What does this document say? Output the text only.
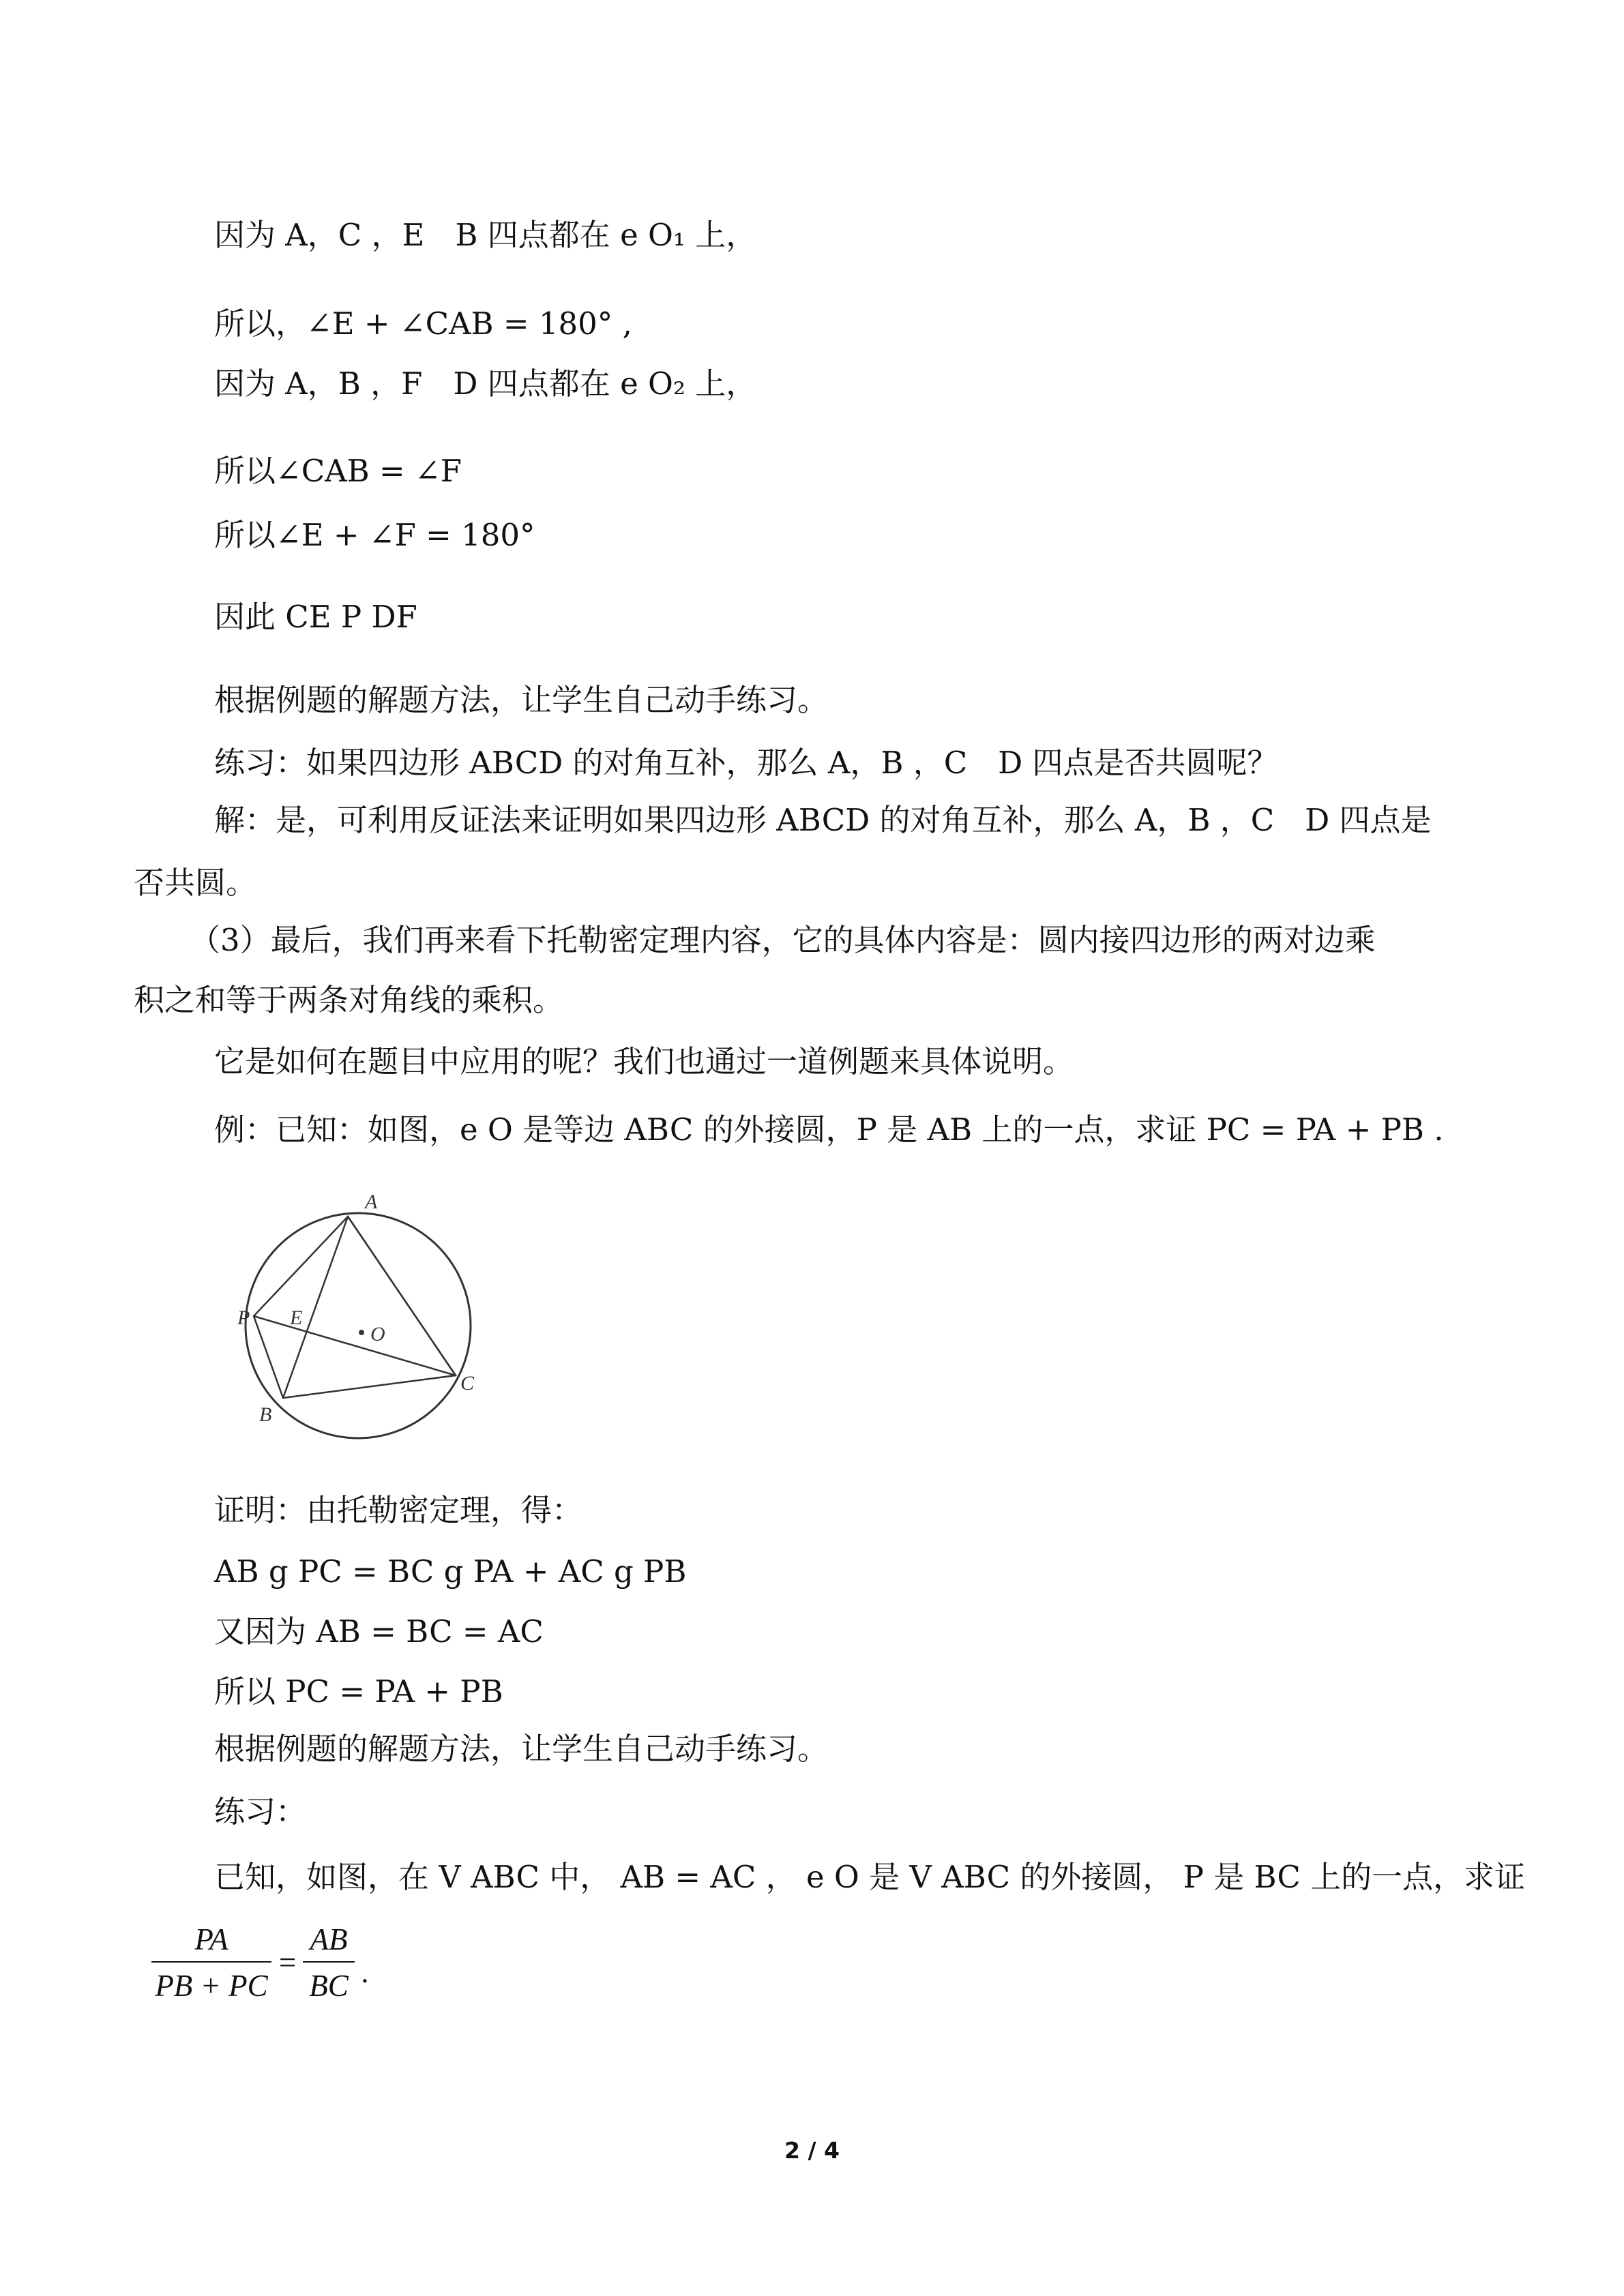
因为 A，C ，E　B 四点都在 e O₁ 上，
所以，∠E + ∠CAB = 180° ,
因为 A，B ，F　D 四点都在 e O₂ 上，
所以∠CAB = ∠F
所以∠E + ∠F = 180°
因此 CE P DF
根据例题的解题方法，让学生自己动手练习。
练习：如果四边形 ABCD 的对角互补，那么 A，B ，C　D 四点是否共圆呢？
解：是，可利用反证法来证明如果四边形 ABCD 的对角互补，那么 A，B ，C　D 四点是
否共圆。
（3）最后，我们再来看下托勒密定理内容，它的具体内容是：圆内接四边形的两对边乘
积之和等于两条对角线的乘积。
它是如何在题目中应用的呢？我们也通过一道例题来具体说明。
例：已知：如图，e O 是等边 ABC 的外接圆，P 是 AB 上的一点，求证 PC = PA + PB .
A
P E
O
C
B
证明：由托勒密定理，得：
AB g PC = BC g PA + AC g PB
又因为 AB = BC = AC
所以 PC = PA + PB
根据例题的解题方法，让学生自己动手练习。
练习：
已知，如图，在 V ABC 中， AB = AC ， e O 是 V ABC 的外接圆， P 是 BC 上的一点，求证
PA
PB + PC
=
AB
BC .
2 / 4
